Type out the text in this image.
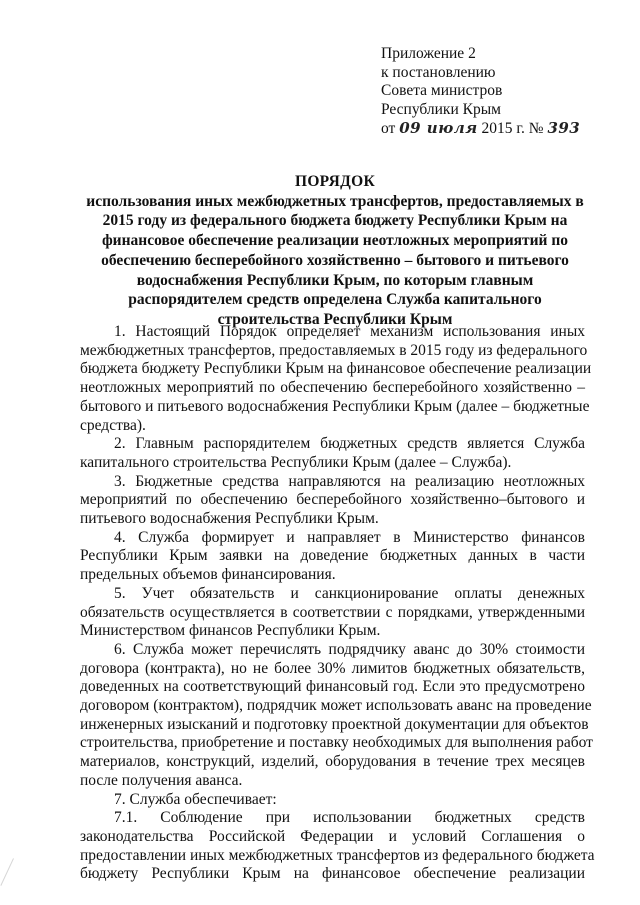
Приложение 2
к постановлению
Совета министров
Республики Крым
от 09 июля 2015 г. № 393
ПОРЯДОК
использования иных межбюджетных трансфертов, предоставляемых в
2015 году из федерального бюджета бюджету Республики Крым на
финансовое обеспечение реализации неотложных мероприятий по
обеспечению бесперебойного хозяйственно – бытового и питьевого
водоснабжения Республики Крым, по которым главным
распорядителем средств определена Служба капитального
строительства Республики Крым
1. Настоящий Порядок определяет механизм использования иных
межбюджетных трансфертов, предоставляемых в 2015 году из федерального
бюджета бюджету Республики Крым на финансовое обеспечение реализации
неотложных мероприятий по обеспечению бесперебойного хозяйственно –
бытового и питьевого водоснабжения Республики Крым (далее – бюджетные
средства).
2. Главным распорядителем бюджетных средств является Служба
капитального строительства Республики Крым (далее – Служба).
3. Бюджетные средства направляются на реализацию неотложных
мероприятий по обеспечению бесперебойного хозяйственно–бытового и
питьевого водоснабжения Республики Крым.
4. Служба формирует и направляет в Министерство финансов
Республики Крым заявки на доведение бюджетных данных в части
предельных объемов финансирования.
5. Учет обязательств и санкционирование оплаты денежных
обязательств осуществляется в соответствии с порядками, утвержденными
Министерством финансов Республики Крым.
6. Служба может перечислять подрядчику аванс до 30% стоимости
договора (контракта), но не более 30% лимитов бюджетных обязательств,
доведенных на соответствующий финансовый год. Если это предусмотрено
договором (контрактом), подрядчик может использовать аванс на проведение
инженерных изысканий и подготовку проектной документации для объектов
строительства, приобретение и поставку необходимых для выполнения работ
материалов, конструкций, изделий, оборудования в течение трех месяцев
после получения аванса.
7. Служба обеспечивает:
7.1. Соблюдение при использовании бюджетных средств
законодательства Российской Федерации и условий Соглашения о
предоставлении иных межбюджетных трансфертов из федерального бюджета
бюджету Республики Крым на финансовое обеспечение реализации
